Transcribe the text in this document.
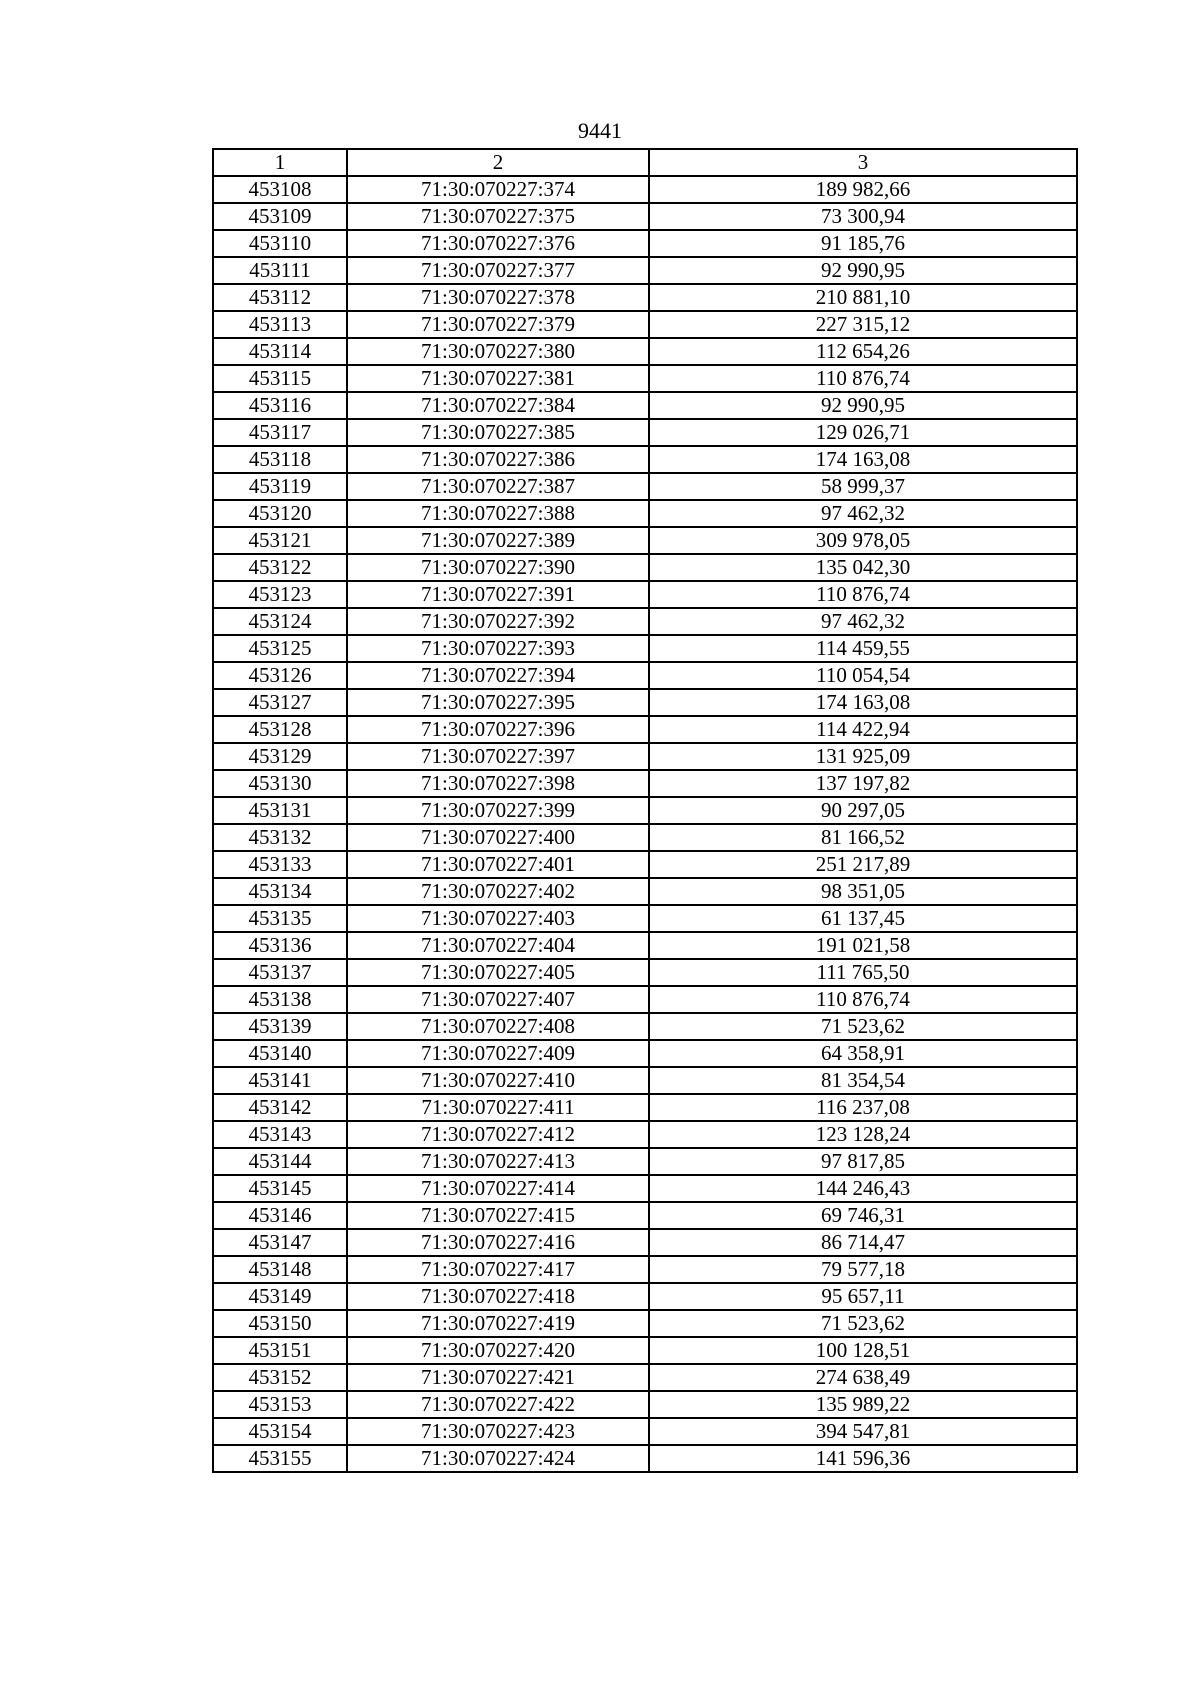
9441
1	2	3
453108	71:30:070227:374	189 982,66
453109	71:30:070227:375	73 300,94
453110	71:30:070227:376	91 185,76
453111	71:30:070227:377	92 990,95
453112	71:30:070227:378	210 881,10
453113	71:30:070227:379	227 315,12
453114	71:30:070227:380	112 654,26
453115	71:30:070227:381	110 876,74
453116	71:30:070227:384	92 990,95
453117	71:30:070227:385	129 026,71
453118	71:30:070227:386	174 163,08
453119	71:30:070227:387	58 999,37
453120	71:30:070227:388	97 462,32
453121	71:30:070227:389	309 978,05
453122	71:30:070227:390	135 042,30
453123	71:30:070227:391	110 876,74
453124	71:30:070227:392	97 462,32
453125	71:30:070227:393	114 459,55
453126	71:30:070227:394	110 054,54
453127	71:30:070227:395	174 163,08
453128	71:30:070227:396	114 422,94
453129	71:30:070227:397	131 925,09
453130	71:30:070227:398	137 197,82
453131	71:30:070227:399	90 297,05
453132	71:30:070227:400	81 166,52
453133	71:30:070227:401	251 217,89
453134	71:30:070227:402	98 351,05
453135	71:30:070227:403	61 137,45
453136	71:30:070227:404	191 021,58
453137	71:30:070227:405	111 765,50
453138	71:30:070227:407	110 876,74
453139	71:30:070227:408	71 523,62
453140	71:30:070227:409	64 358,91
453141	71:30:070227:410	81 354,54
453142	71:30:070227:411	116 237,08
453143	71:30:070227:412	123 128,24
453144	71:30:070227:413	97 817,85
453145	71:30:070227:414	144 246,43
453146	71:30:070227:415	69 746,31
453147	71:30:070227:416	86 714,47
453148	71:30:070227:417	79 577,18
453149	71:30:070227:418	95 657,11
453150	71:30:070227:419	71 523,62
453151	71:30:070227:420	100 128,51
453152	71:30:070227:421	274 638,49
453153	71:30:070227:422	135 989,22
453154	71:30:070227:423	394 547,81
453155	71:30:070227:424	141 596,36
